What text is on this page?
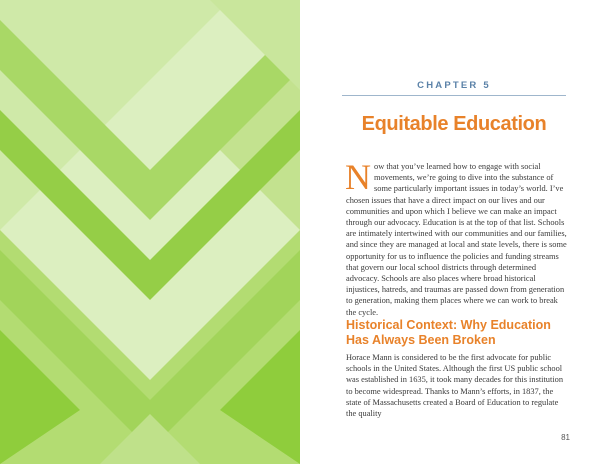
CHAPTER 5
Equitable Education

N ow that you’ve learned how to engage with social movements, we’re going to dive into the substance of some particularly important issues in today’s world. I’ve chosen issues that have a direct impact on our lives and our communities and upon which I believe we can make an impact through our advocacy. Education is at the top of that list. Schools are intimately intertwined with our communities and our families, and since they are managed at local and state levels, there is some opportunity for us to influence the policies and funding streams that govern our local school districts through determined advocacy. Schools are also places where broad historical injustices, hatreds, and traumas are passed down from generation to generation, making them places where we can work to break the cycle.

Historical Context: Why Education Has Always Been Broken

Horace Mann is considered to be the first advocate for public schools in the United States. Although the first US public school was established in 1635, it took many decades for this institution to become widespread. Thanks to Mann’s efforts, in 1837, the state of Massachusetts created a Board of Education to regulate the quality

81
